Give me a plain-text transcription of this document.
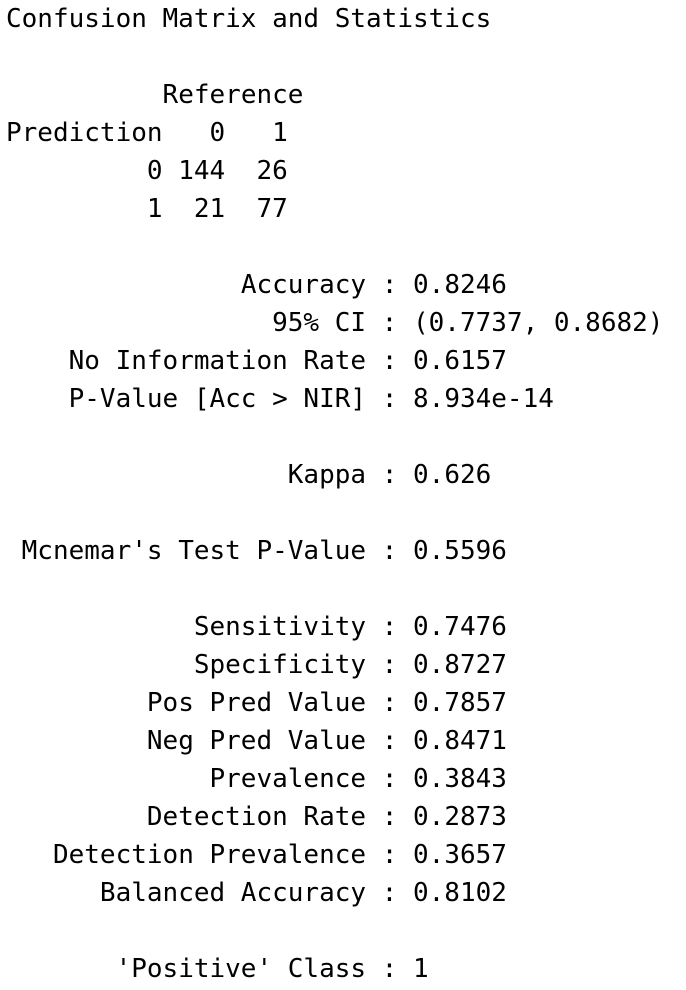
Confusion Matrix and Statistics
Reference
Prediction 0 1
0 144 26
1 21 77
Accuracy : 0.8246
95% CI : (0.7737, 0.8682)
No Information Rate : 0.6157
P-Value [Acc > NIR] : 8.934e-14
Kappa : 0.626
Mcnemar's Test P-Value : 0.5596
Sensitivity : 0.7476
Specificity : 0.8727
Pos Pred Value : 0.7857
Neg Pred Value : 0.8471
Prevalence : 0.3843
Detection Rate : 0.2873
Detection Prevalence : 0.3657
Balanced Accuracy : 0.8102
'Positive' Class : 1
